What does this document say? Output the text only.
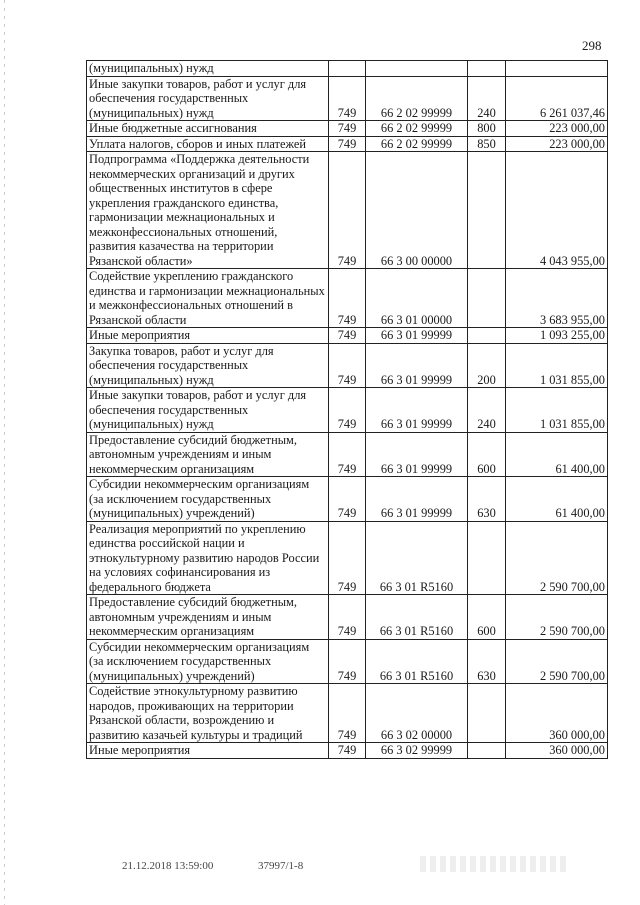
298
(муниципальных) нужд				
Иные закупки товаров, работ и услуг для обеспечения государственных (муниципальных) нужд	749	66 2 02 99999	240	6 261 037,46
Иные бюджетные ассигнования	749	66 2 02 99999	800	223 000,00
Уплата налогов, сборов и иных платежей	749	66 2 02 99999	850	223 000,00
Подпрограмма «Поддержка деятельности некоммерческих организаций и других общественных институтов в сфере укрепления гражданского единства, гармонизации межнациональных и межконфессиональных отношений, развития казачества на территории Рязанской области»	749	66 3 00 00000		4 043 955,00
Содействие укреплению гражданского единства и гармонизации межнациональных и межконфессиональных отношений в Рязанской области	749	66 3 01 00000		3 683 955,00
Иные мероприятия	749	66 3 01 99999		1 093 255,00
Закупка товаров, работ и услуг для обеспечения государственных (муниципальных) нужд	749	66 3 01 99999	200	1 031 855,00
Иные закупки товаров, работ и услуг для обеспечения государственных (муниципальных) нужд	749	66 3 01 99999	240	1 031 855,00
Предоставление субсидий бюджетным, автономным учреждениям и иным некоммерческим организациям	749	66 3 01 99999	600	61 400,00
Субсидии некоммерческим организациям (за исключением государственных (муниципальных) учреждений)	749	66 3 01 99999	630	61 400,00
Реализация мероприятий по укреплению единства российской нации и этнокультурному развитию народов России на условиях софинансирования из федерального бюджета	749	66 3 01 R5160		2 590 700,00
Предоставление субсидий бюджетным, автономным учреждениям и иным некоммерческим организациям	749	66 3 01 R5160	600	2 590 700,00
Субсидии некоммерческим организациям (за исключением государственных (муниципальных) учреждений)	749	66 3 01 R5160	630	2 590 700,00
Содействие этнокультурному развитию народов, проживающих на территории Рязанской области, возрождению и развитию казачьей культуры и традиций	749	66 3 02 00000		360 000,00
Иные мероприятия	749	66 3 02 99999		360 000,00
21.12.2018 13:59:00	37997/1-8
